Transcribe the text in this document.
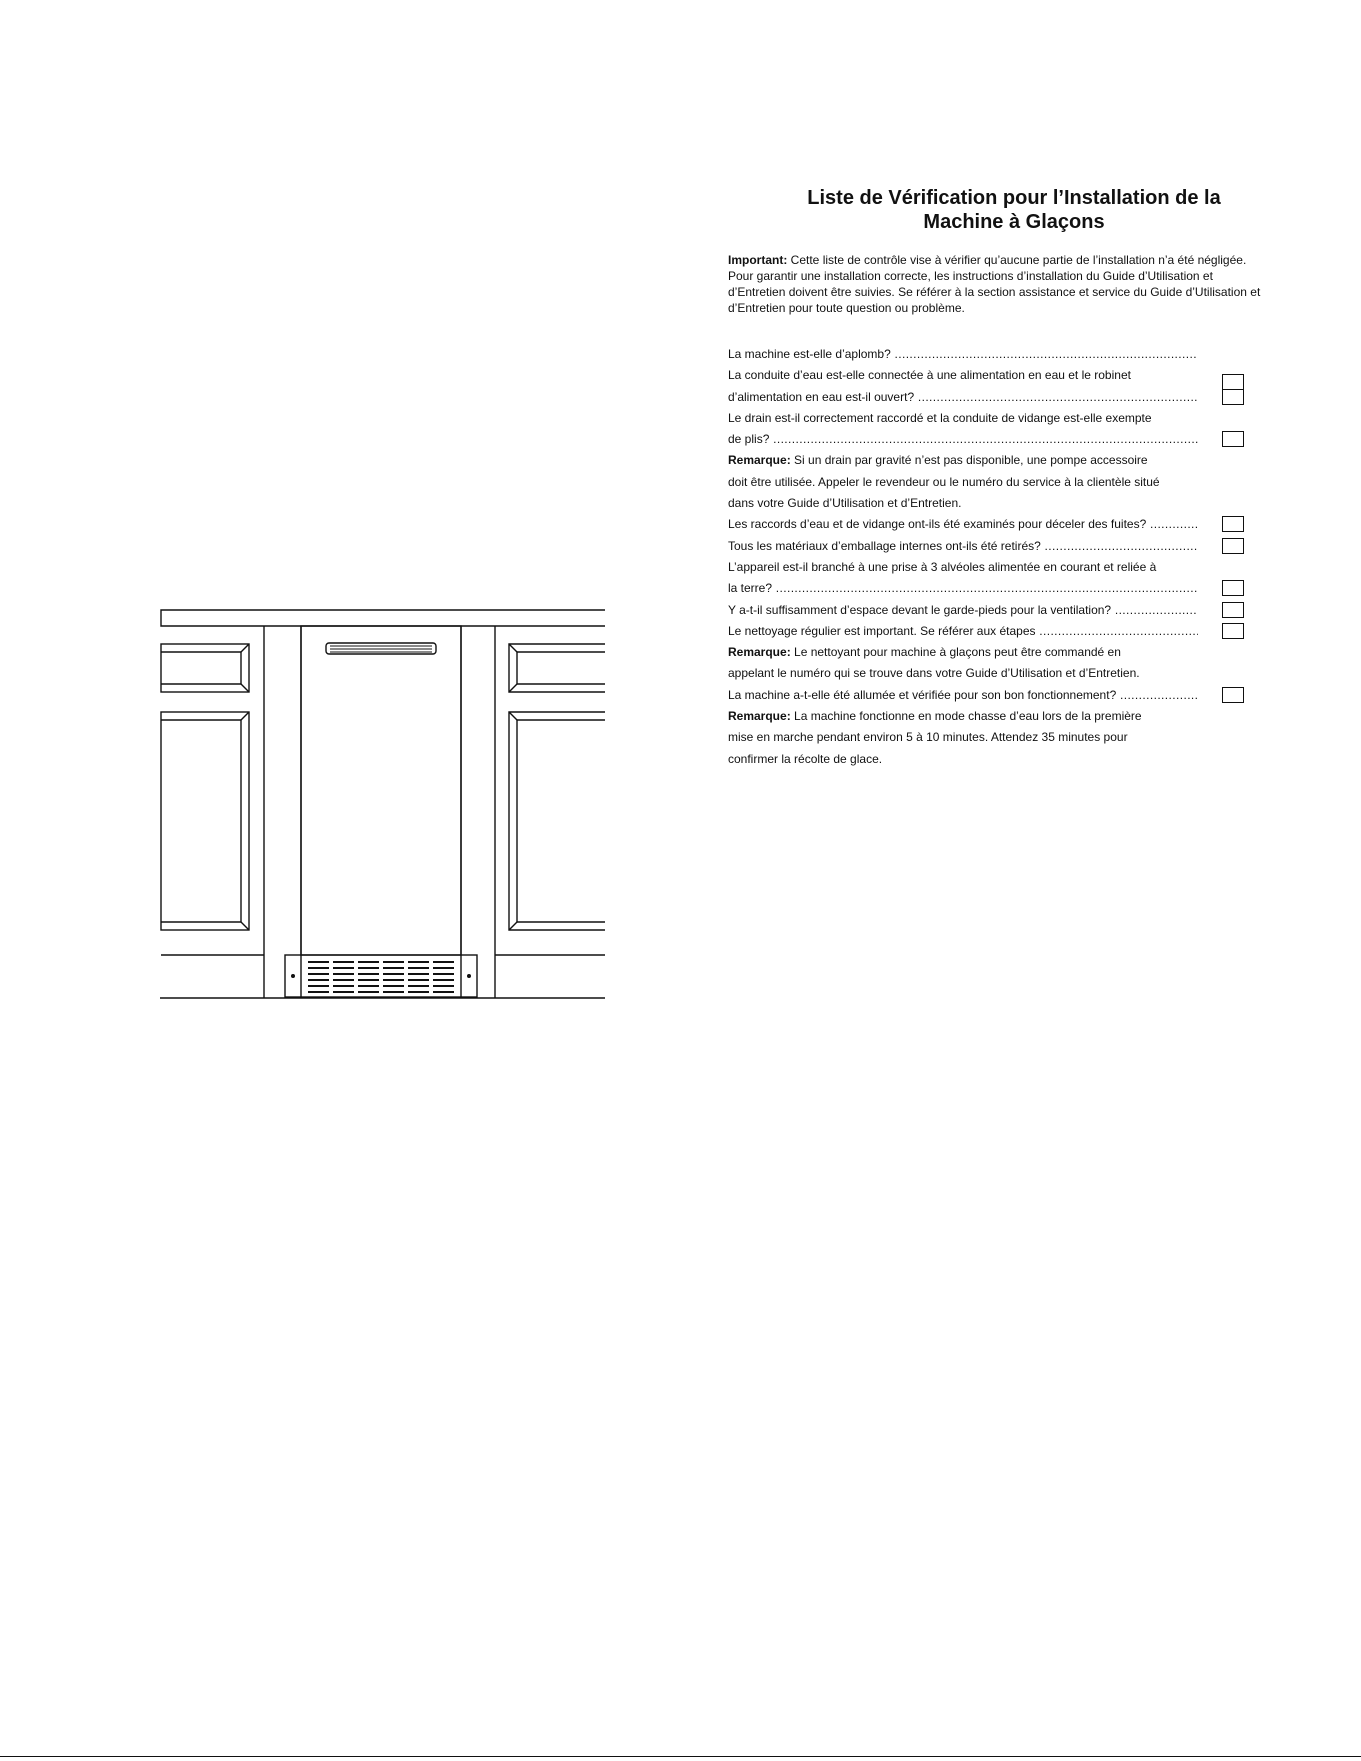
Liste de Vérification pour l’Installation de la
Machine à Glaçons
Important: Cette liste de contrôle vise à vérifier qu’aucune partie de l’installation n’a été négligée. Pour garantir une installation correcte, les instructions d’installation du Guide d’Utilisation et d’Entretien doivent être suivies. Se référer à la section assistance et service du Guide d’Utilisation et d’Entretien pour toute question ou problème.
La machine est-elle d’aplomb? .....
La conduite d’eau est-elle connectée à une alimentation en eau et le robinet
d’alimentation en eau est-il ouvert? .....
Le drain est-il correctement raccordé et la conduite de vidange est-elle exempte
de plis? .....
Remarque: Si un drain par gravité n’est pas disponible, une pompe accessoire
doit être utilisée. Appeler le revendeur ou le numéro du service à la clientèle situé
dans votre Guide d’Utilisation et d’Entretien.
Les raccords d’eau et de vidange ont-ils été examinés pour déceler des fuites? .....
Tous les matériaux d’emballage internes ont-ils été retirés? .....
L’appareil est-il branché à une prise à 3 alvéoles alimentée en courant et reliée à
la terre? .....
Y a-t-il suffisamment d’espace devant le garde-pieds pour la ventilation? .....
Le nettoyage régulier est important. Se référer aux étapes .....
Remarque: Le nettoyant pour machine à glaçons peut être commandé en
appelant le numéro qui se trouve dans votre Guide d’Utilisation et d’Entretien.
La machine a-t-elle été allumée et vérifiée pour son bon fonctionnement? .....
Remarque: La machine fonctionne en mode chasse d’eau lors de la première
mise en marche pendant environ 5 à 10 minutes. Attendez 35 minutes pour
confirmer la récolte de glace.
